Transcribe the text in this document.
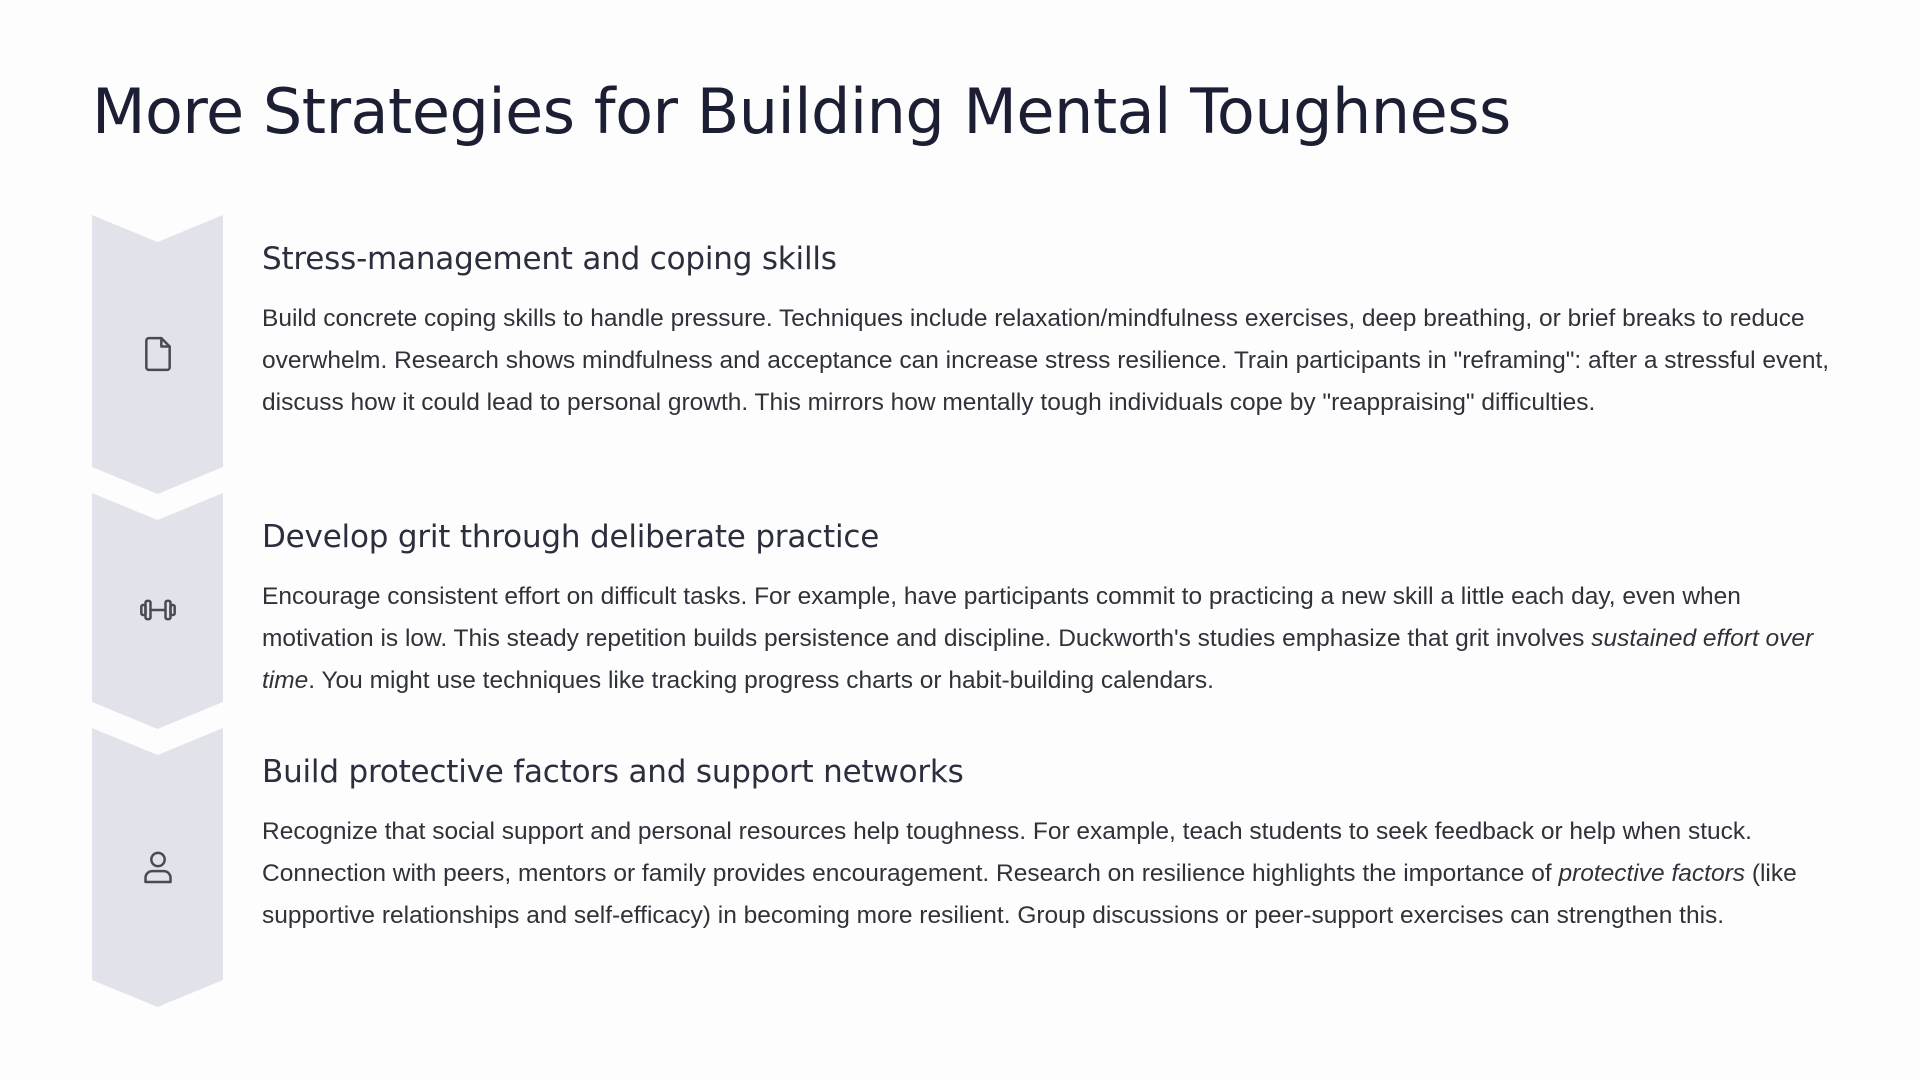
More Strategies for Building Mental Toughness
Stress-management and coping skills

Build concrete coping skills to handle pressure. Techniques include relaxation/mindfulness exercises, deep breathing, or brief breaks to reduce overwhelm. Research shows mindfulness and acceptance can increase stress resilience. Train participants in "reframing": after a stressful event, discuss how it could lead to personal growth. This mirrors how mentally tough individuals cope by "reappraising" difficulties.

Develop grit through deliberate practice

Encourage consistent effort on difficult tasks. For example, have participants commit to practicing a new skill a little each day, even when motivation is low. This steady repetition builds persistence and discipline. Duckworth's studies emphasize that grit involves sustained effort over time. You might use techniques like tracking progress charts or habit-building calendars.

Build protective factors and support networks

Recognize that social support and personal resources help toughness. For example, teach students to seek feedback or help when stuck. Connection with peers, mentors or family provides encouragement. Research on resilience highlights the importance of protective factors (like supportive relationships and self-efficacy) in becoming more resilient. Group discussions or peer-support exercises can strengthen this.
